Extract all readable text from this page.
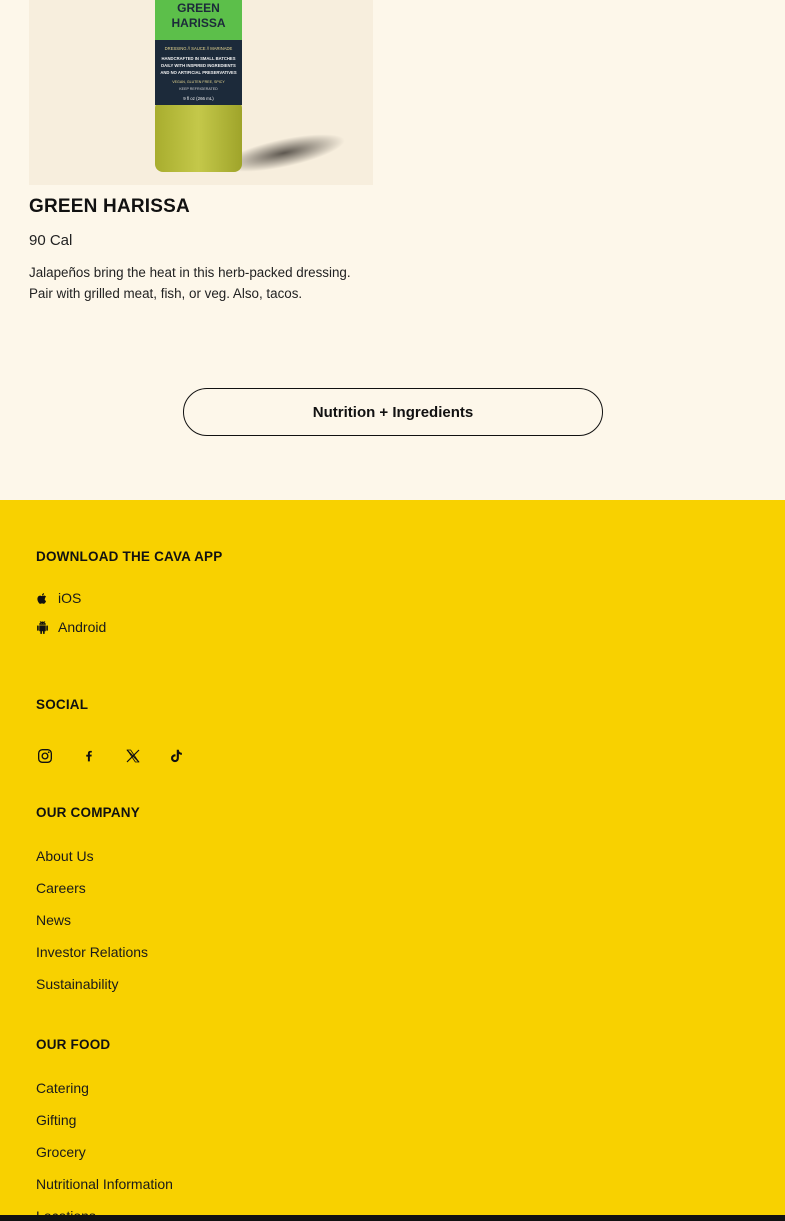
GREEN
HARISSA
DRESSING // SAUCE // MARINADE
HANDCRAFTED IN SMALL BATCHES
DAILY WITH INSPIRED INGREDIENTS
AND NO ARTIFICIAL PRESERVATIVES
VEGAN, GLUTEN FREE, SPICY
KEEP REFRIGERATED
9 fl oz (266 mL)
GREEN HARISSA
90 Cal
Jalapeños bring the heat in this herb-packed dressing. Pair with grilled meat, fish, or veg. Also, tacos.
Nutrition + Ingredients
DOWNLOAD THE CAVA APP
iOS
Android
SOCIAL
OUR COMPANY
About Us
Careers
News
Investor Relations
Sustainability
OUR FOOD
Catering
Gifting
Grocery
Nutritional Information
